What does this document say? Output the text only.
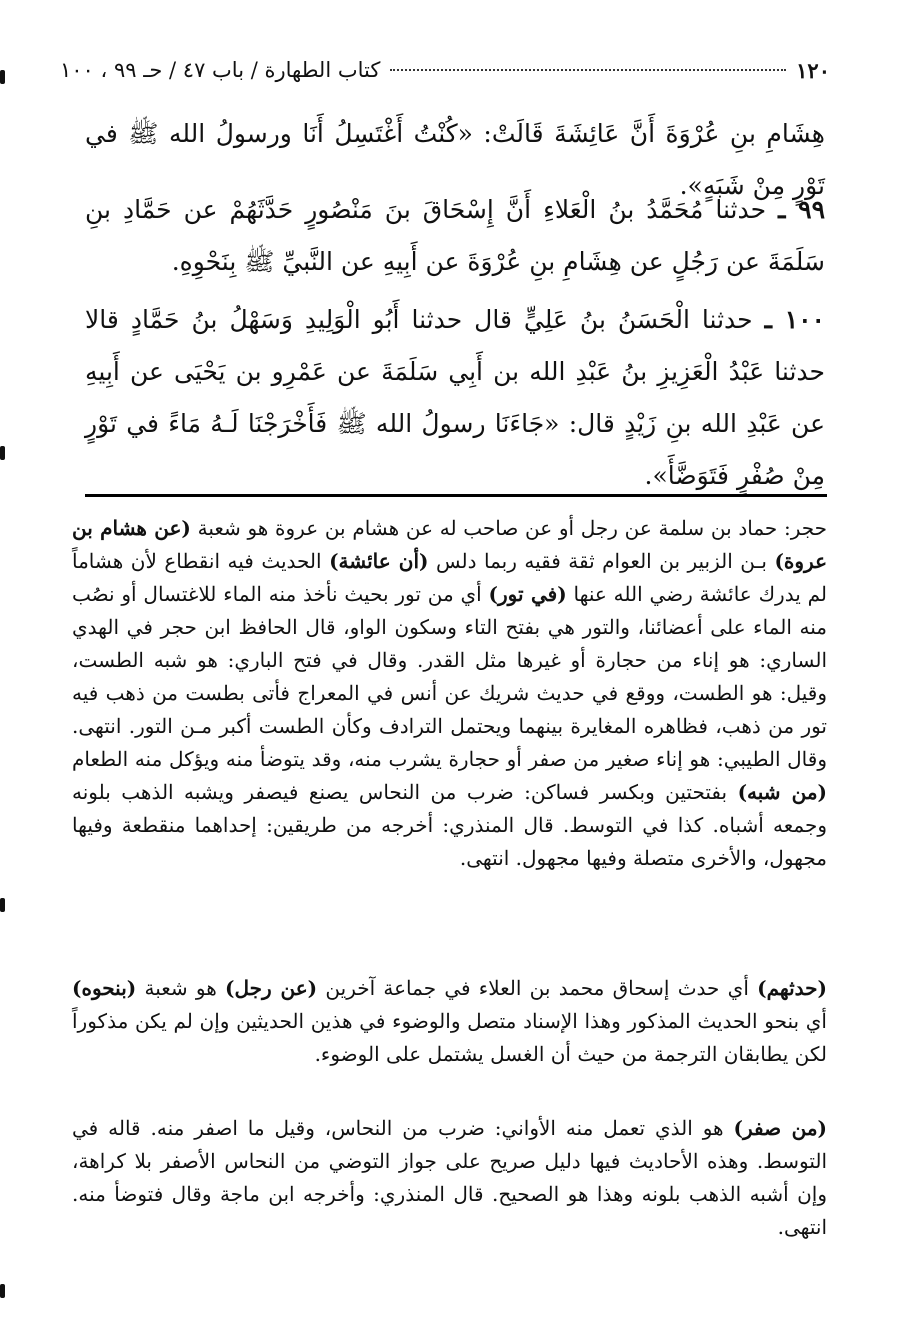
١٢٠
كتاب الطهارة / باب ٤٧ / حـ ٩٩ ، ١٠٠

هِشَامِ بنِ عُرْوَةَ أَنَّ عَائِشَةَ قَالَتْ: «كُنْتُ أَغْتَسِلُ أَنَا ورسولُ الله ﷺ في تَوْرٍ مِنْ شَبَهٍ».

٩٩ ـ حدثنا مُحَمَّدُ بنُ الْعَلاءِ أَنَّ إِسْحَاقَ بنَ مَنْصُورٍ حَدَّثَهُمْ عن حَمَّادِ بنِ سَلَمَةَ عن رَجُلٍ عن هِشَامِ بنِ عُرْوَةَ عن أَبِيهِ عن النَّبيِّ ﷺ بِنَحْوِهِ.

١٠٠ ـ حدثنا الْحَسَنُ بنُ عَلِيٍّ قال حدثنا أَبُو الْوَلِيدِ وَسَهْلُ بنُ حَمَّادٍ قالا حدثنا عَبْدُ الْعَزِيزِ بنُ عَبْدِ الله بن أَبِي سَلَمَةَ عن عَمْرِو بن يَحْيَى عن أَبِيهِ عن عَبْدِ الله بنِ زَيْدٍ قال: «جَاءَنَا رسولُ الله ﷺ فَأَخْرَجْنَا لَـهُ مَاءً في تَوْرٍ مِنْ صُفْرٍ فَتَوَضَّأَ».

حجر: حماد بن سلمة عن رجل أو عن صاحب له عن هشام بن عروة هو شعبة (عن هشام بن عروة) بـن الزبير بن العوام ثقة فقيه ربما دلس (أن عائشة) الحديث فيه انقطاع لأن هشاماً لم يدرك عائشة رضي الله عنها (في تور) أي من تور بحيث نأخذ منه الماء للاغتسال أو نصُب منه الماء على أعضائنا، والتور هي بفتح التاء وسكون الواو، قال الحافظ ابن حجر في الهدي الساري: هو إناء من حجارة أو غيرها مثل القدر. وقال في فتح الباري: هو شبه الطست، وقيل: هو الطست، ووقع في حديث شريك عن أنس في المعراج فأتى بطست من ذهب فيه تور من ذهب، فظاهره المغايرة بينهما ويحتمل الترادف وكأن الطست أكبر مـن التور. انتهى. وقال الطيبي: هو إناء صغير من صفر أو حجارة يشرب منه، وقد يتوضأ منه ويؤكل منه الطعام (من شبه) بفتحتين وبكسر فساكن: ضرب من النحاس يصنع فيصفر ويشبه الذهب بلونه وجمعه أشباه. كذا في التوسط. قال المنذري: أخرجه من طريقين: إحداهما منقطعة وفيها مجهول، والأخرى متصلة وفيها مجهول. انتهى.

(حدثهم) أي حدث إسحاق محمد بن العلاء في جماعة آخرين (عن رجل) هو شعبة (بنحوه) أي بنحو الحديث المذكور وهذا الإسناد متصل والوضوء في هذين الحديثين وإن لم يكن مذكوراً لكن يطابقان الترجمة من حيث أن الغسل يشتمل على الوضوء.

(من صفر) هو الذي تعمل منه الأواني: ضرب من النحاس، وقيل ما اصفر منه. قاله في التوسط. وهذه الأحاديث فيها دليل صريح على جواز التوضي من النحاس الأصفر بلا كراهة، وإن أشبه الذهب بلونه وهذا هو الصحيح. قال المنذري: وأخرجه ابن ماجة وقال فتوضأ منه. انتهى.
